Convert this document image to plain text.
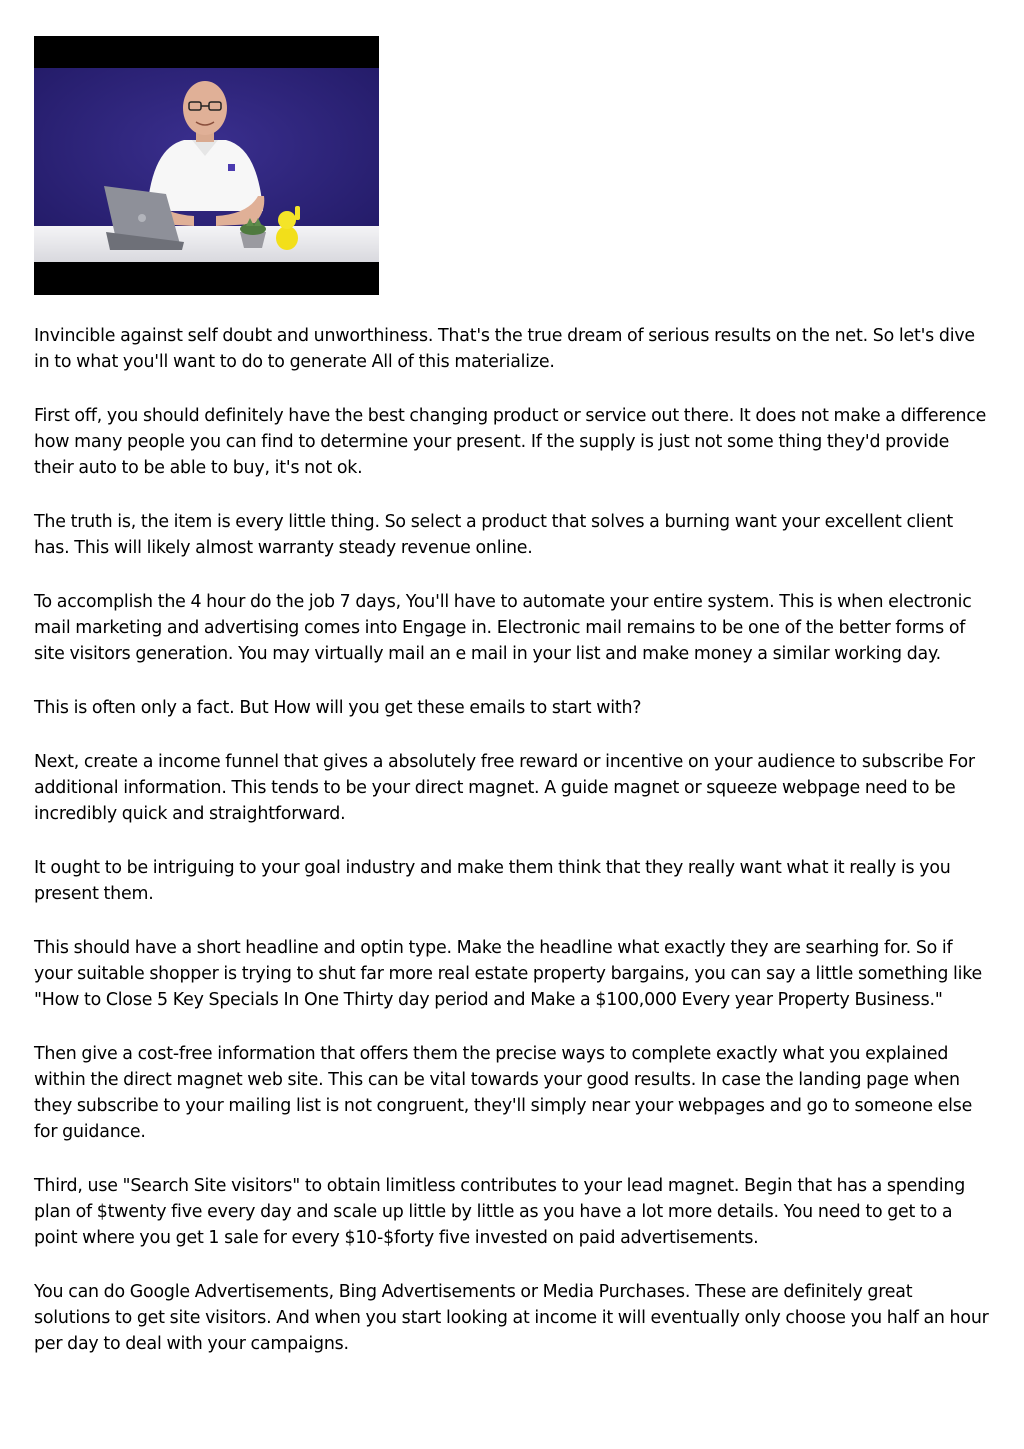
Invincible against self doubt and unworthiness. That's the true dream of serious results on the net. So let's dive in to what you'll want to do to generate All of this materialize.

First off, you should definitely have the best changing product or service out there. It does not make a difference how many people you can find to determine your present. If the supply is just not some thing they'd provide their auto to be able to buy, it's not ok.

The truth is, the item is every little thing. So select a product that solves a burning want your excellent client has. This will likely almost warranty steady revenue online.

To accomplish the 4 hour do the job 7 days, You'll have to automate your entire system. This is when electronic mail marketing and advertising comes into Engage in. Electronic mail remains to be one of the better forms of site visitors generation. You may virtually mail an e mail in your list and make money a similar working day.

This is often only a fact. But How will you get these emails to start with?

Next, create a income funnel that gives a absolutely free reward or incentive on your audience to subscribe For additional information. This tends to be your direct magnet. A guide magnet or squeeze webpage need to be incredibly quick and straightforward.

It ought to be intriguing to your goal industry and make them think that they really want what it really is you present them.

This should have a short headline and optin type. Make the headline what exactly they are searhing for. So if your suitable shopper is trying to shut far more real estate property bargains, you can say a little something like "How to Close 5 Key Specials In One Thirty day period and Make a $100,000 Every year Property Business."

Then give a cost-free information that offers them the precise ways to complete exactly what you explained within the direct magnet web site. This can be vital towards your good results. In case the landing page when they subscribe to your mailing list is not congruent, they'll simply near your webpages and go to someone else for guidance.

Third, use "Search Site visitors" to obtain limitless contributes to your lead magnet. Begin that has a spending plan of $twenty five every day and scale up little by little as you have a lot more details. You need to get to a point where you get 1 sale for every $10-$forty five invested on paid advertisements.

You can do Google Advertisements, Bing Advertisements or Media Purchases. These are definitely great solutions to get site visitors. And when you start looking at income it will eventually only choose you half an hour per day to deal with your campaigns.
